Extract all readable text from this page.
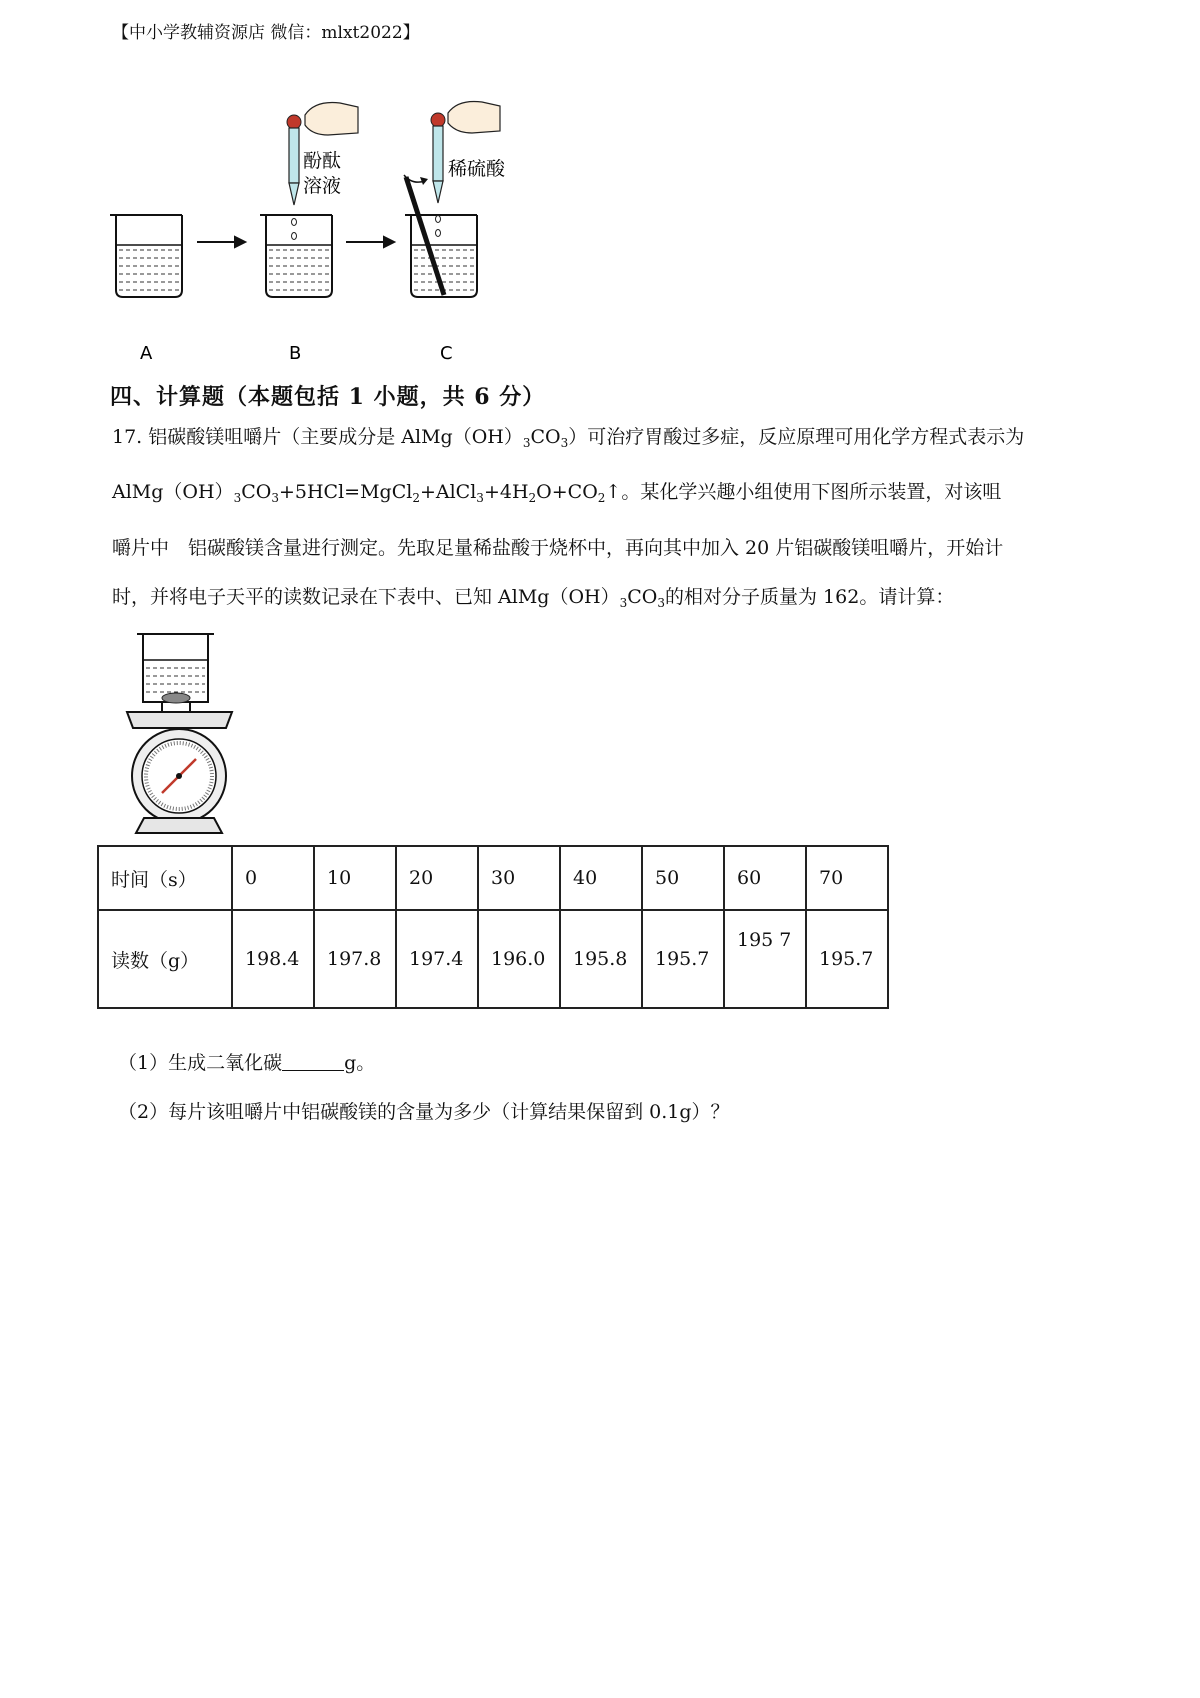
【中小学教辅资源店 微信：mlxt2022】
酚酞
溶液
稀硫酸
A	B	C
四、计算题（本题包括 1 小题，共 6 分）
17. 铝碳酸镁咀嚼片（主要成分是 $AlMg(OH)_3CO_3$）可治疗胃酸过多症，反应原理可用化学方程式表示为
$AlMg(OH)_3CO_3+5HCl=MgCl_2+AlCl_3+4H_2O+CO_2↑$。某化学兴趣小组使用下图所示装置，对该咀
嚼片中　铝碳酸镁含量进行测定。先取足量稀盐酸于烧杯中，再向其中加入 20 片铝碳酸镁咀嚼片，开始计
时，并将电子天平的读数记录在下表中、已知 $AlMg(OH)_3CO_3$的相对分子质量为 162。请计算：
时间（s）	0	10	20	30	40	50	60	70
读数（g）	198.4	197.8	197.4	196.0	195.8	195.7	195 7	195.7
（1）生成二氧化碳	g。
（2）每片该咀嚼片中铝碳酸镁的含量为多少（计算结果保留到 0.1g）？
